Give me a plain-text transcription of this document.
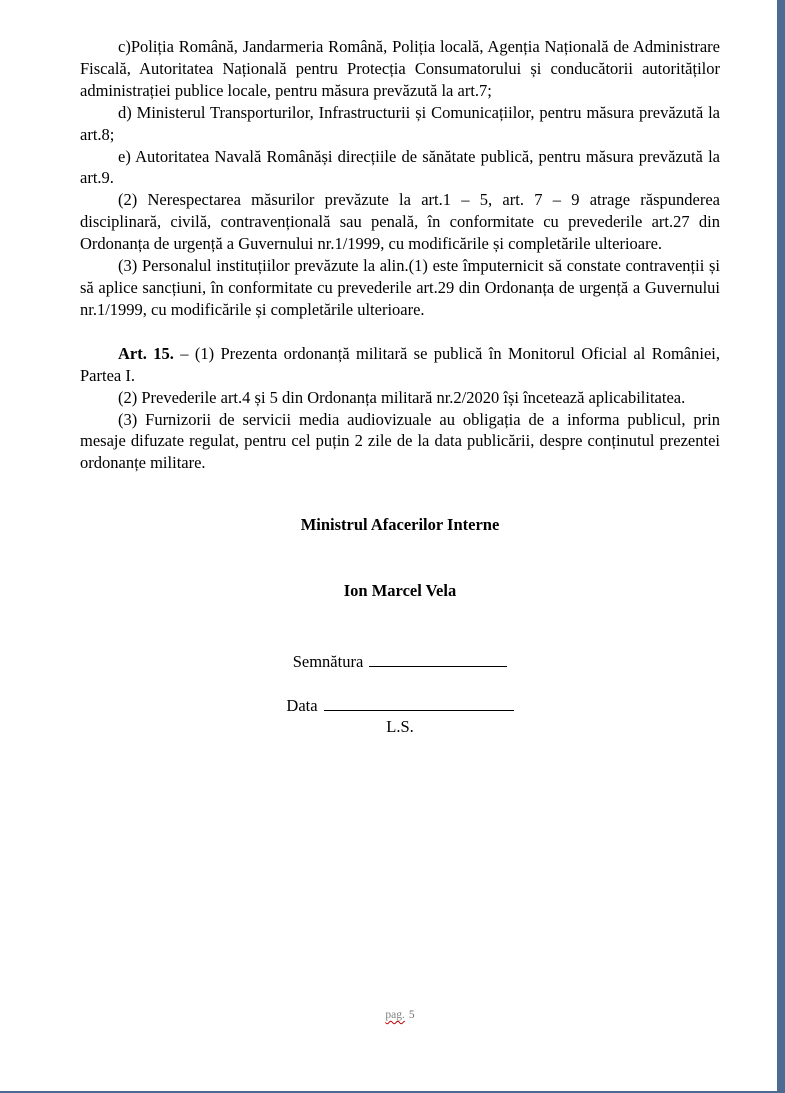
c)Poliția Română, Jandarmeria Română, Poliția locală, Agenția Națională de Administrare Fiscală, Autoritatea Națională pentru Protecția Consumatorului și conducătorii autorităților administrației publice locale, pentru măsura prevăzută la art.7;

d) Ministerul Transporturilor, Infrastructurii și Comunicațiilor, pentru măsura prevăzută la art.8;

e) Autoritatea Navală Românăși direcțiile de sănătate publică, pentru măsura prevăzută la art.9.

(2) Nerespectarea măsurilor prevăzute la art.1 – 5, art. 7 – 9 atrage răspunderea disciplinară, civilă, contravențională sau penală, în conformitate cu prevederile art.27 din Ordonanța de urgență a Guvernului nr.1/1999, cu modificările și completările ulterioare.

(3) Personalul instituțiilor prevăzute la alin.(1) este împuternicit să constate contravenții și să aplice sancțiuni, în conformitate cu prevederile art.29 din Ordonanța de urgență a Guvernului nr.1/1999, cu modificările și completările ulterioare.

Art. 15. – (1) Prezenta ordonanță militară se publică în Monitorul Oficial al României, Partea I.

(2) Prevederile art.4 și 5 din Ordonanța militară nr.2/2020 își încetează aplicabilitatea.

(3) Furnizorii de servicii media audiovizuale au obligația de a informa publicul, prin mesaje difuzate regulat, pentru cel puțin 2 zile de la data publicării, despre conținutul prezentei ordonanțe militare.

Ministrul Afacerilor Interne

Ion Marcel Vela

Semnătura

Data

L.S.

pag. 5
